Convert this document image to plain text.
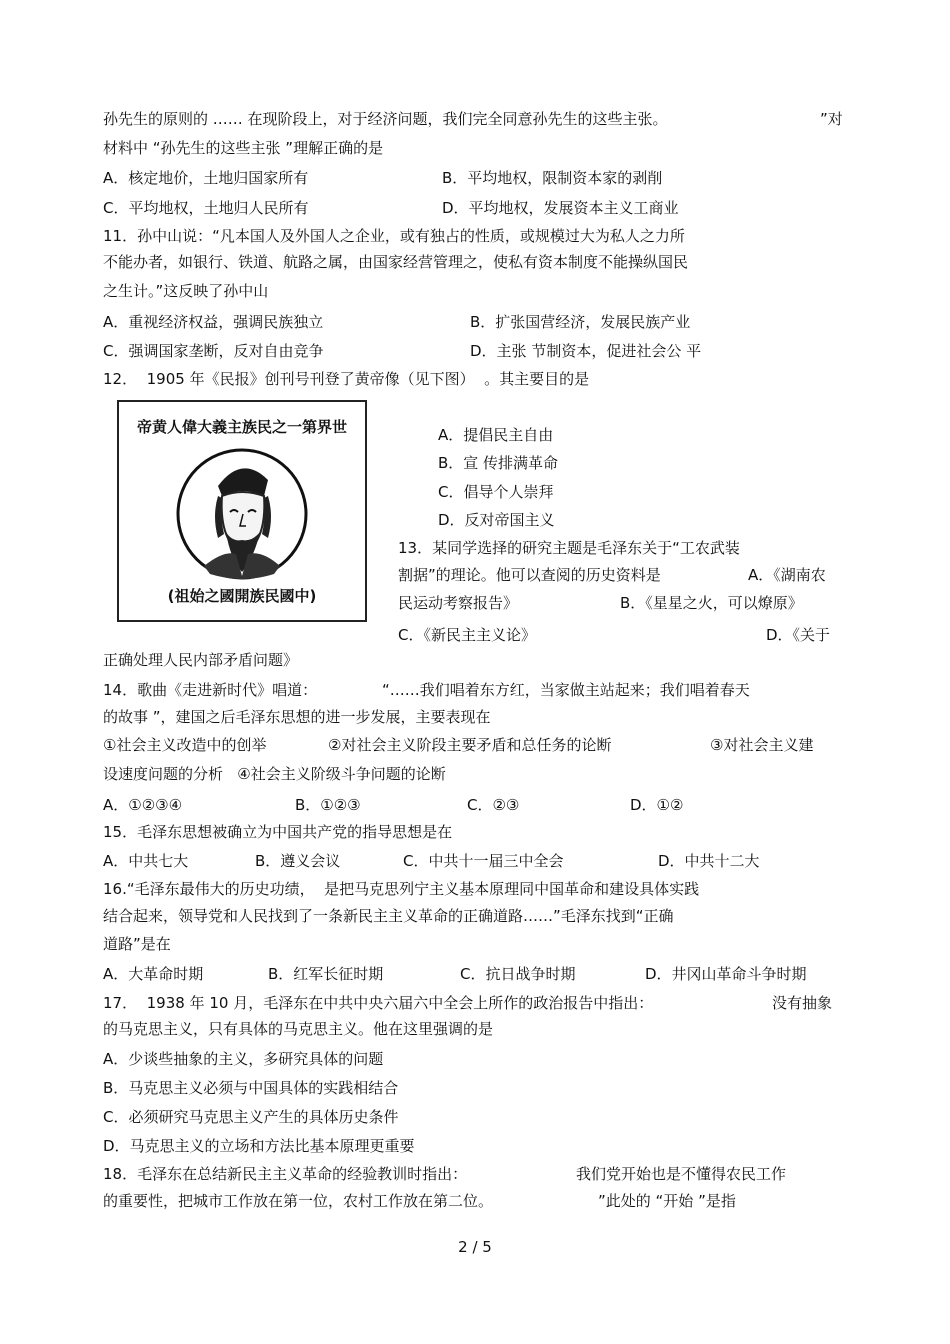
孙先生的原则的 …… 在现阶段上，对于经济问题，我们完全同意孙先生的这些主张。	”对
材料中 “孙先生的这些主张 ”理解正确的是
A．核定地价，土地归国家所有	B．平均地权，限制资本家的剥削
C．平均地权，土地归人民所有	D．平均地权，发展资本主义工商业
11．孙中山说：“凡本国人及外国人之企业，或有独占的性质，或规模过大为私人之力所
不能办者，如银行、铁道、航路之属，由国家经营管理之，使私有资本制度不能操纵国民
之生计。”这反映了孙中山
A．重视经济权益，强调民族独立	B．扩张国营经济，发展民族产业
C．强调国家垄断，反对自由竞争	D．主张 节制资本，促进社会公 平
12．  1905 年《民报》创刊号刊登了黄帝像（见下图）  。其主要目的是
帝黄人偉大義主族民之一第界世
(祖始之國開族民國中)
A．提倡民主自由
B．宣 传排满革命
C．倡导个人崇拜
D．反对帝国主义
13．某同学选择的研究主题是毛泽东关于“工农武装
割据”的理论。他可以查阅的历史资料是	A．《湖南农
民运动考察报告》	B．《星星之火，可以燎原》
C．《新民主主义论》	D．《关于
正确处理人民内部矛盾问题》
14．歌曲《走进新时代》唱道：	“……我们唱着东方红，当家做主站起来；我们唱着春天
的故事 ”，建国之后毛泽东思想的进一步发展，主要表现在
①社会主义改造中的创举	②对社会主义阶段主要矛盾和总任务的论断	③对社会主义建
设速度问题的分析   ④社会主义阶级斗争问题的论断
A．①②③④	B．①②③	C．②③	D．①②
15．毛泽东思想被确立为中国共产党的指导思想是在
A．中共七大	B．遵义会议	C．中共十一届三中全会	D．中共十二大
16.“毛泽东最伟大的历史功绩，  是把马克思列宁主义基本原理同中国革命和建设具体实践
结合起来，领导党和人民找到了一条新民主主义革命的正确道路……”毛泽东找到“正确
道路”是在
A．大革命时期	B．红军长征时期	C．抗日战争时期	D．井冈山革命斗争时期
17．  1938 年 10 月，毛泽东在中共中央六届六中全会上所作的政治报告中指出：	没有抽象
的马克思主义，只有具体的马克思主义。他在这里强调的是
A．少谈些抽象的主义，多研究具体的问题
B．马克思主义必须与中国具体的实践相结合
C．必须研究马克思主义产生的具体历史条件
D．马克思主义的立场和方法比基本原理更重要
18．毛泽东在总结新民主主义革命的经验教训时指出：	我们党开始也是不懂得农民工作
的重要性，把城市工作放在第一位，农村工作放在第二位。	”此处的 “开始 ”是指
2 / 5
